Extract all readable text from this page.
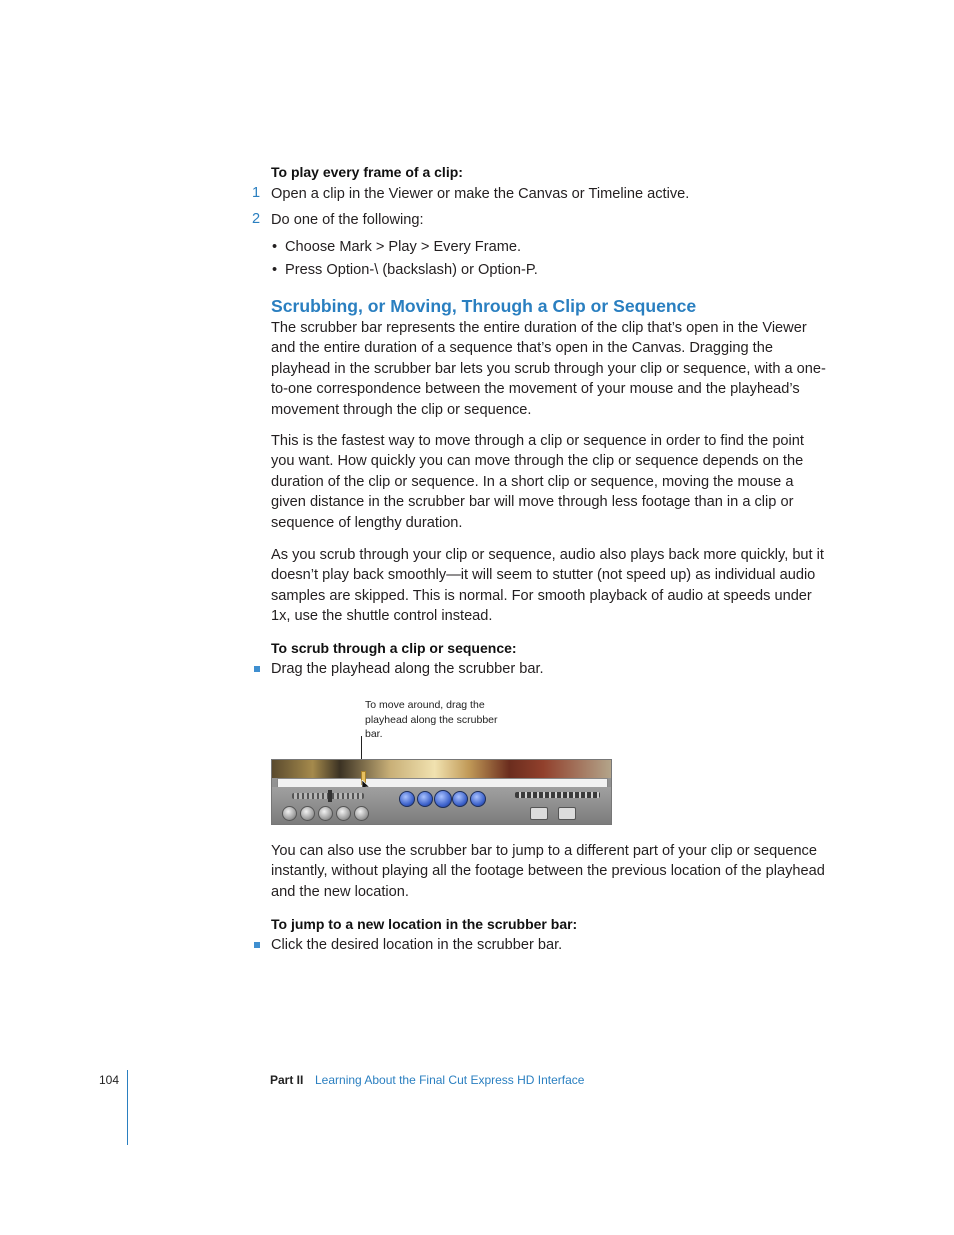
To play every frame of a clip:
1 Open a clip in the Viewer or make the Canvas or Timeline active.
2 Do one of the following:
• Choose Mark > Play > Every Frame.
• Press Option-\ (backslash) or Option-P.
Scrubbing, or Moving, Through a Clip or Sequence
The scrubber bar represents the entire duration of the clip that’s open in the Viewer and the entire duration of a sequence that’s open in the Canvas. Dragging the playhead in the scrubber bar lets you scrub through your clip or sequence, with a one-to-one correspondence between the movement of your mouse and the playhead’s movement through the clip or sequence.
This is the fastest way to move through a clip or sequence in order to find the point you want. How quickly you can move through the clip or sequence depends on the duration of the clip or sequence. In a short clip or sequence, moving the mouse a given distance in the scrubber bar will move through less footage than in a clip or sequence of lengthy duration.
As you scrub through your clip or sequence, audio also plays back more quickly, but it doesn’t play back smoothly—it will seem to stutter (not speed up) as individual audio samples are skipped. This is normal. For smooth playback of audio at speeds under 1x, use the shuttle control instead.
To scrub through a clip or sequence:
Drag the playhead along the scrubber bar.
To move around, drag the playhead along the scrubber bar.
You can also use the scrubber bar to jump to a different part of your clip or sequence instantly, without playing all the footage between the previous location of the playhead and the new location.
To jump to a new location in the scrubber bar:
Click the desired location in the scrubber bar.
104	Part II Learning About the Final Cut Express HD Interface
